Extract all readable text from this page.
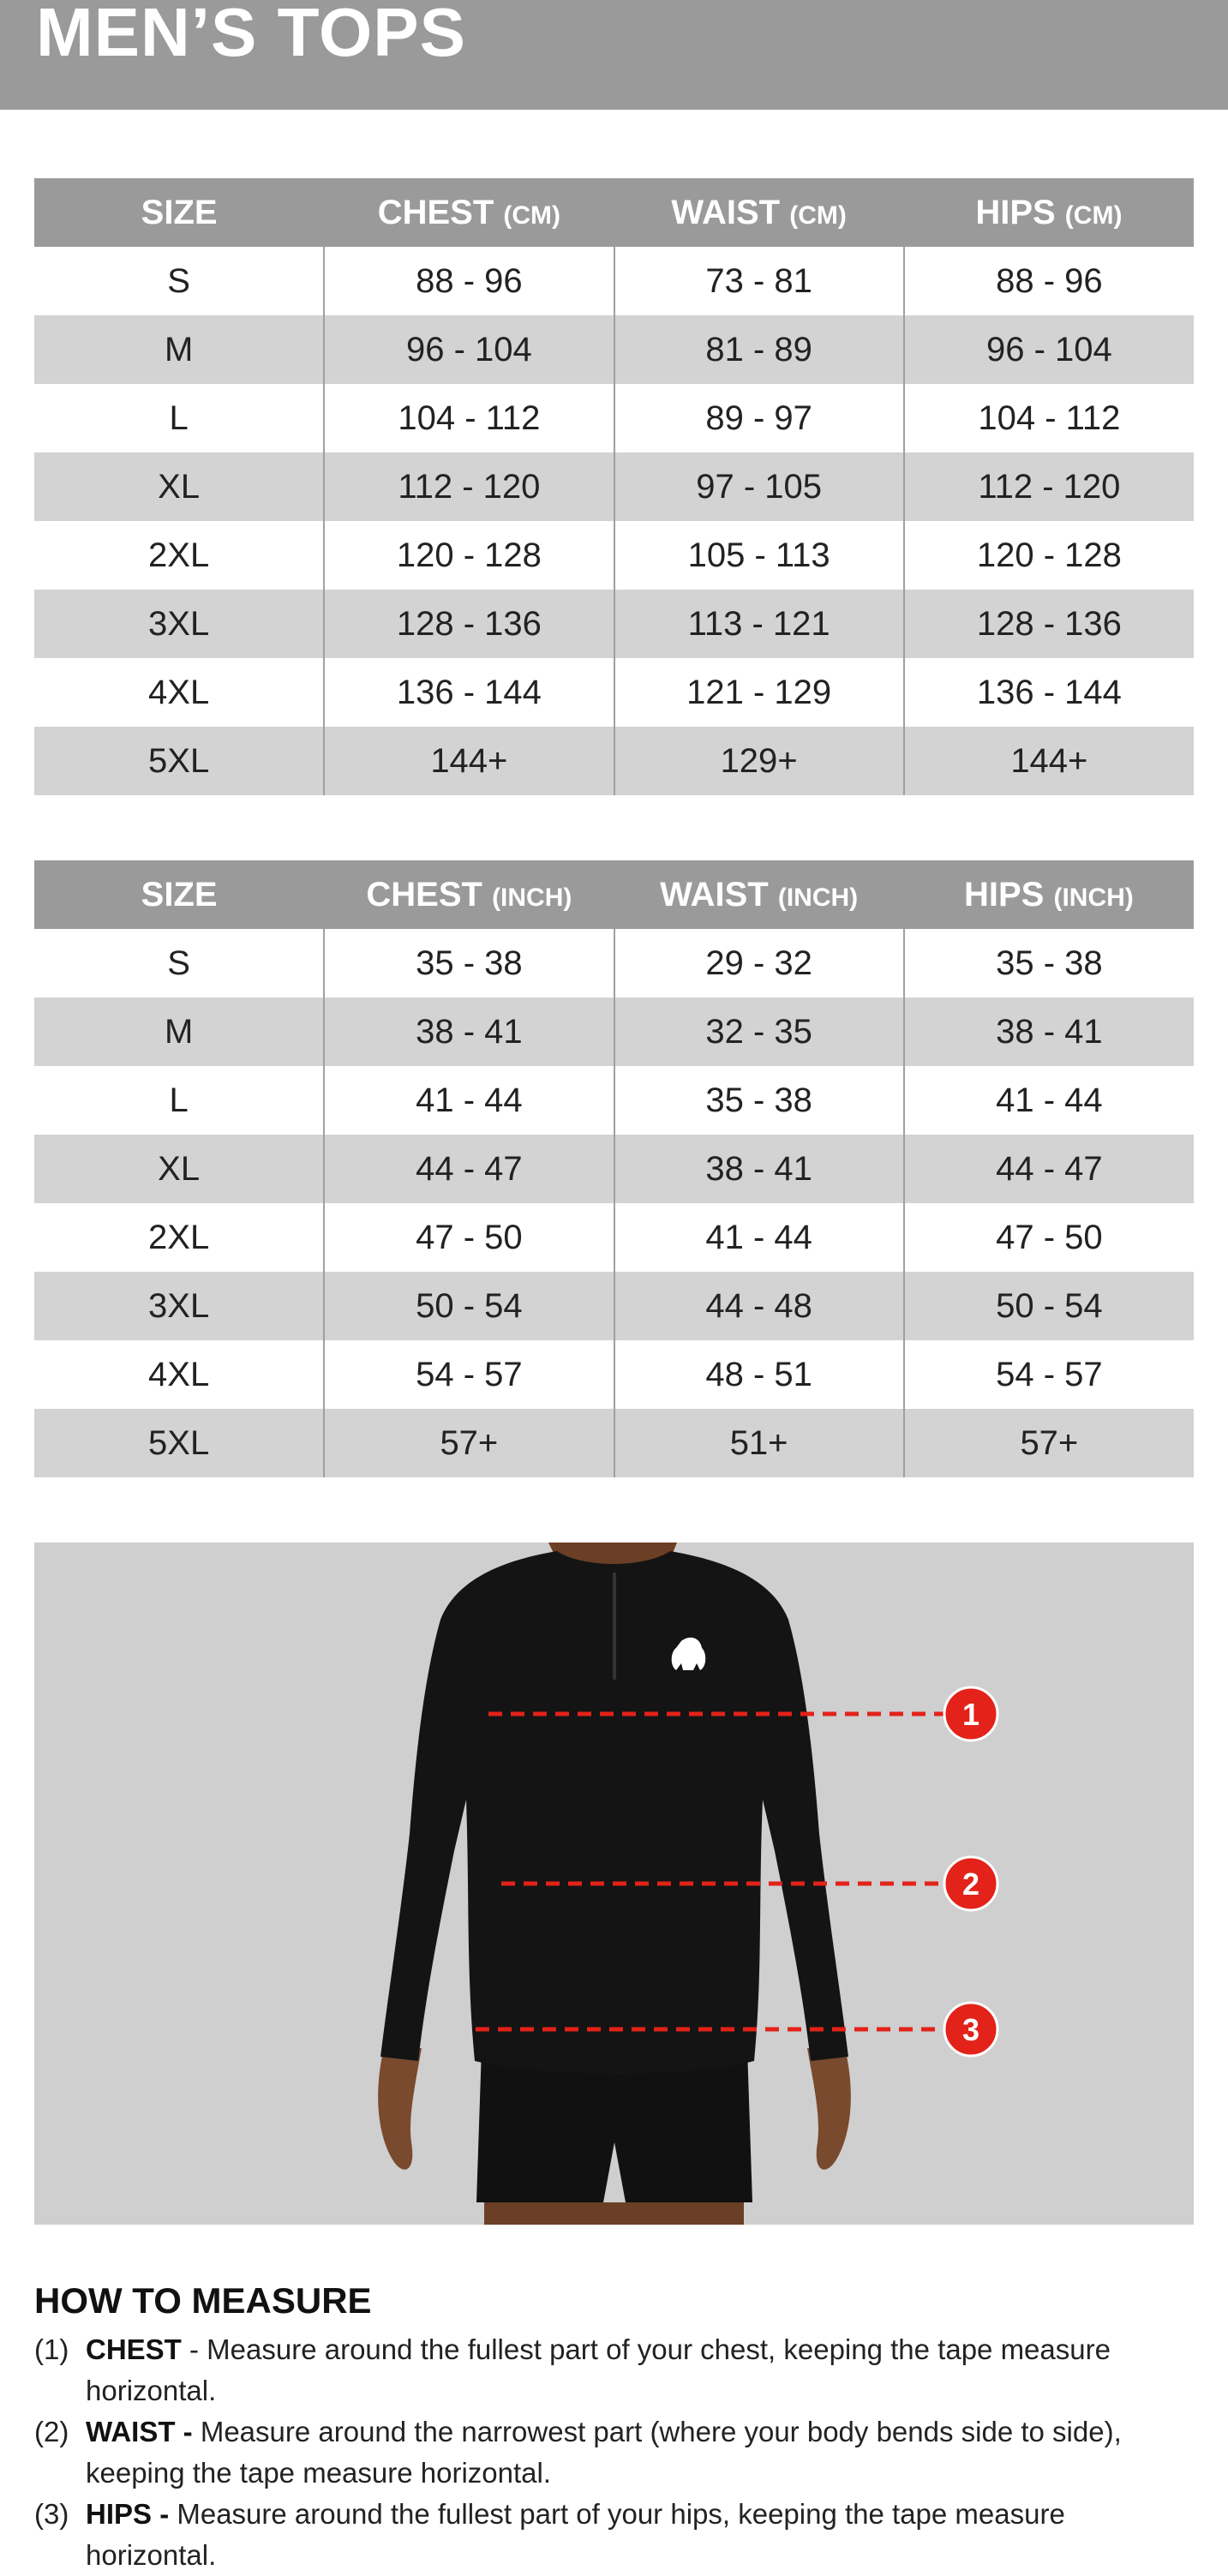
MEN’S TOPS
SIZE	CHEST (CM)	WAIST (CM)	HIPS (CM)
S	88 - 96	73 - 81	88 - 96
M	96 - 104	81 - 89	96 - 104
L	104 - 112	89 - 97	104 - 112
XL	112 - 120	97 - 105	112 - 120
2XL	120 - 128	105 - 113	120 - 128
3XL	128 - 136	113 - 121	128 - 136
4XL	136 - 144	121 - 129	136 - 144
5XL	144+	129+	144+
SIZE	CHEST (INCH)	WAIST (INCH)	HIPS (INCH)
S	35 - 38	29 - 32	35 - 38
M	38 - 41	32 - 35	38 - 41
L	41 - 44	35 - 38	41 - 44
XL	44 - 47	38 - 41	44 - 47
2XL	47 - 50	41 - 44	47 - 50
3XL	50 - 54	44 - 48	50 - 54
4XL	54 - 57	48 - 51	54 - 57
5XL	57+	51+	57+
1
2
3
HOW TO MEASURE
(1) CHEST - Measure around the fullest part of your chest, keeping the tape measure horizontal.
(2) WAIST - Measure around the narrowest part (where your body bends side to side), keeping the tape measure horizontal.
(3) HIPS - Measure around the fullest part of your hips, keeping the tape measure horizontal.
